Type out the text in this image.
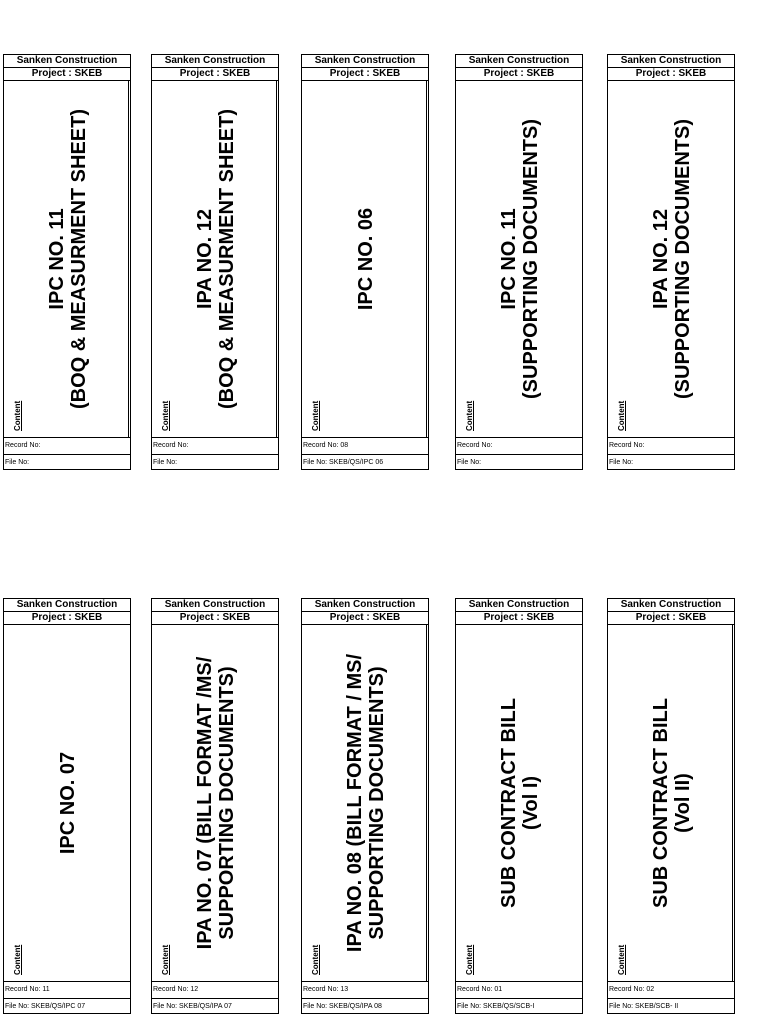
Sanken Construction
Project : SKEB
IPC NO. 11
(BOQ & MEASURMENT SHEET)
Content
Record No:
File No:
Sanken Construction
Project : SKEB
IPA NO. 12
(BOQ & MEASURMENT SHEET)
Content
Record No:
File No:
Sanken Construction
Project : SKEB
IPC NO. 06
Content
Record No: 08
File No: SKEB/QS/IPC 06
Sanken Construction
Project : SKEB
IPC NO. 11
(SUPPORTING DOCUMENTS)
Content
Record No:
File No:
Sanken Construction
Project : SKEB
IPA NO. 12
(SUPPORTING DOCUMENTS)
Content
Record No:
File No:
Sanken Construction
Project : SKEB
IPC NO. 07
Content
Record No: 11
File No: SKEB/QS/IPC 07
Sanken Construction
Project : SKEB
IPA NO. 07 (BILL FORMAT /MS/
SUPPORTING DOCUMENTS)
Content
Record No: 12
File No: SKEB/QS/IPA 07
Sanken Construction
Project : SKEB
IPA NO. 08 (BILL FORMAT / MS/
SUPPORTING DOCUMENTS)
Content
Record No: 13
File No: SKEB/QS/IPA 08
Sanken Construction
Project : SKEB
SUB CONTRACT BILL
(Vol I)
Content
Record No: 01
File No: SKEB/QS/SCB-I
Sanken Construction
Project : SKEB
SUB CONTRACT BILL
(Vol II)
Content
Record No: 02
File No: SKEB/SCB- II
